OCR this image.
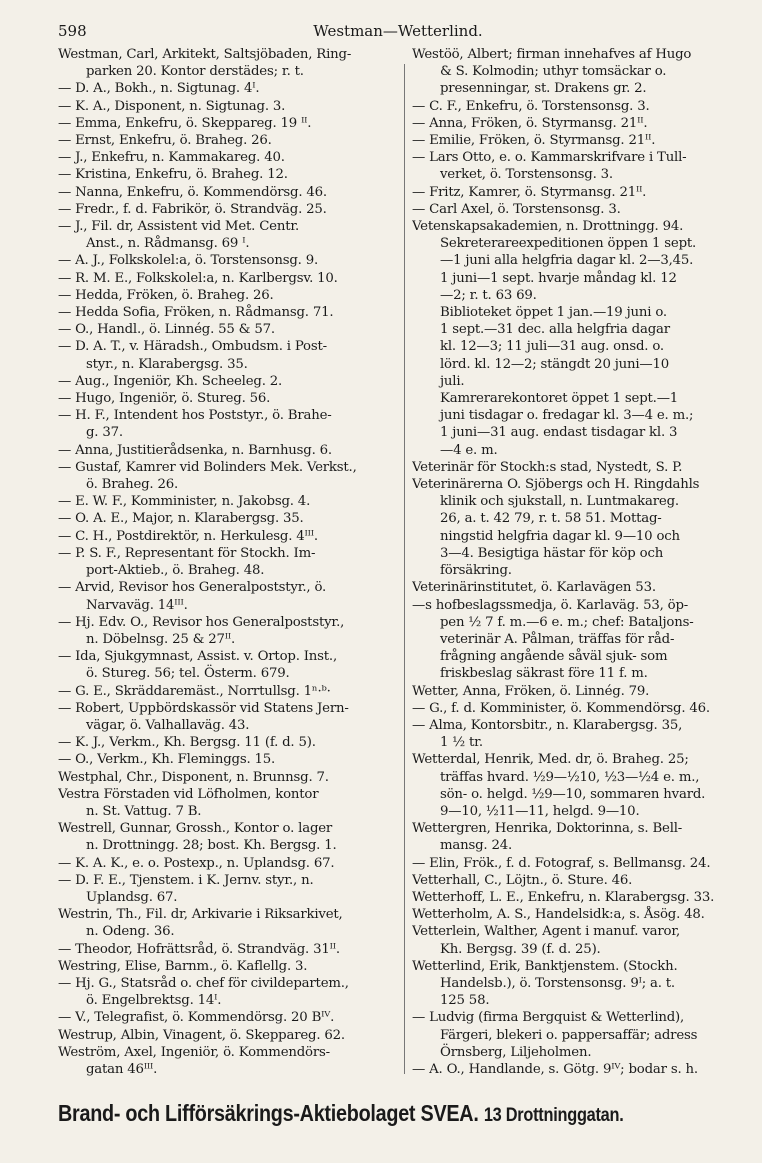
598	Westman—Wetterlind.
Westman, Carl, Arkitekt, Saltsjöbaden, Ring-
parken 20. Kontor derstädes; r. t.
— D. A., Bokh., n. Sigtunag. 4ᴵ.
— K. A., Disponent, n. Sigtunag. 3.
— Emma, Enkefru, ö. Skeppareg. 19 ᴵᴵ.
— Ernst, Enkefru, ö. Braheg. 26.
— J., Enkefru, n. Kammakareg. 40.
— Kristina, Enkefru, ö. Braheg. 12.
— Nanna, Enkefru, ö. Kommendörsg. 46.
— Fredr., f. d. Fabrikör, ö. Strandväg. 25.
— J., Fil. dr, Assistent vid Met. Centr.
Anst., n. Rådmansg. 69 ᴵ.
— A. J., Folkskolel:a, ö. Torstensonsg. 9.
— R. M. E., Folkskolel:a, n. Karlbergsv. 10.
— Hedda, Fröken, ö. Braheg. 26.
— Hedda Sofia, Fröken, n. Rådmansg. 71.
— O., Handl., ö. Linnég. 55 & 57.
— D. A. T., v. Häradsh., Ombudsm. i Post-
styr., n. Klarabergsg. 35.
— Aug., Ingeniör, Kh. Scheeleg. 2.
— Hugo, Ingeniör, ö. Stureg. 56.
— H. F., Intendent hos Poststyr., ö. Brahe-
g. 37.
— Anna, Justitierådsenka, n. Barnhusg. 6.
— Gustaf, Kamrer vid Bolinders Mek. Verkst.,
ö. Braheg. 26.
— E. W. F., Komminister, n. Jakobsg. 4.
— O. A. E., Major, n. Klarabergsg. 35.
— C. H., Postdirektör, n. Herkulesg. 4ᴵᴵᴵ.
— P. S. F., Representant för Stockh. Im-
port-Aktieb., ö. Braheg. 48.
— Arvid, Revisor hos Generalpoststyr., ö.
Narvaväg. 14ᴵᴵᴵ.
— Hj. Edv. O., Revisor hos Generalpoststyr.,
n. Döbelnsg. 25 & 27ᴵᴵ.
— Ida, Sjukgymnast, Assist. v. Ortop. Inst.,
ö. Stureg. 56; tel. Österm. 679.
— G. E., Skräddaremäst., Norrtullsg. 1ⁿ·ᵇ·
— Robert, Uppbördskassör vid Statens Jern-
vägar, ö. Valhallaväg. 43.
— K. J., Verkm., Kh. Bergsg. 11 (f. d. 5).
— O., Verkm., Kh. Fleminggs. 15.
Westphal, Chr., Disponent, n. Brunnsg. 7.
Vestra Förstaden vid Löfholmen, kontor
n. St. Vattug. 7 B.
Westrell, Gunnar, Grossh., Kontor o. lager
n. Drottningg. 28; bost. Kh. Bergsg. 1.
— K. A. K., e. o. Postexp., n. Uplandsg. 67.
— D. F. E., Tjenstem. i K. Jernv. styr., n.
Uplandsg. 67.
Westrin, Th., Fil. dr, Arkivarie i Riksarkivet,
n. Odeng. 36.
— Theodor, Hofrättsråd, ö. Strandväg. 31ᴵᴵ.
Westring, Elise, Barnm., ö. Kaflellg. 3.
— Hj. G., Statsråd o. chef för civildepartem.,
ö. Engelbrektsg. 14ᴵ.
— V., Telegrafist, ö. Kommendörsg. 20 Bᴵⱽ.
Westrup, Albin, Vinagent, ö. Skeppareg. 62.
Weström, Axel, Ingeniör, ö. Kommendörs-
gatan 46ᴵᴵᴵ.
Westöö, Albert; firman innehafves af Hugo
& S. Kolmodin; uthyr tomsäckar o.
presenningar, st. Drakens gr. 2.
— C. F., Enkefru, ö. Torstensonsg. 3.
— Anna, Fröken, ö. Styrmansg. 21ᴵᴵ.
— Emilie, Fröken, ö. Styrmansg. 21ᴵᴵ.
— Lars Otto, e. o. Kammarskrifvare i Tull-
verket, ö. Torstensonsg. 3.
— Fritz, Kamrer, ö. Styrmansg. 21ᴵᴵ.
— Carl Axel, ö. Torstensonsg. 3.
Vetenskapsakademien, n. Drottningg. 94.
Sekreterareexpeditionen öppen 1 sept.
—1 juni alla helgfria dagar kl. 2—3,45.
1 juni—1 sept. hvarje måndag kl. 12
—2; r. t. 63 69.
Biblioteket öppet 1 jan.—19 juni o.
1 sept.—31 dec. alla helgfria dagar
kl. 12—3; 11 juli—31 aug. onsd. o.
lörd. kl. 12—2; stängdt 20 juni—10
juli.
Kamrerarekontoret öppet 1 sept.—1
juni tisdagar o. fredagar kl. 3—4 e. m.;
1 juni—31 aug. endast tisdagar kl. 3
—4 e. m.
Veterinär för Stockh:s stad, Nystedt, S. P.
Veterinärerna O. Sjöbergs och H. Ringdahls
klinik och sjukstall, n. Luntmakareg.
26, a. t. 42 79, r. t. 58 51. Mottag-
ningstid helgfria dagar kl. 9—10 och
3—4. Besigtiga hästar för köp och
försäkring.
Veterinärinstitutet, ö. Karlavägen 53.
—s hofbeslagssmedja, ö. Karlaväg. 53, öp-
pen ½ 7 f. m.—6 e. m.; chef: Bataljons-
veterinär A. Pålman, träffas för råd-
frågning angående såväl sjuk- som
friskbeslag säkrast före 11 f. m.
Wetter, Anna, Fröken, ö. Linnég. 79.
— G., f. d. Komminister, ö. Kommendörsg. 46.
— Alma, Kontorsbitr., n. Klarabergsg. 35,
1 ½ tr.
Wetterdal, Henrik, Med. dr, ö. Braheg. 25;
träffas hvard. ½9—½10, ½3—½4 e. m.,
sön- o. helgd. ½9—10, sommaren hvard.
9—10, ½11—11, helgd. 9—10.
Wettergren, Henrika, Doktorinna, s. Bell-
mansg. 24.
— Elin, Frök., f. d. Fotograf, s. Bellmansg. 24.
Vetterhall, C., Löjtn., ö. Sture. 46.
Wetterhoff, L. E., Enkefru, n. Klarabergsg. 33.
Wetterholm, A. S., Handelsidk:a, s. Åsög. 48.
Vetterlein, Walther, Agent i manuf. varor,
Kh. Bergsg. 39 (f. d. 25).
Wetterlind, Erik, Banktjenstem. (Stockh.
Handelsb.), ö. Torstensonsg. 9ᴵ; a. t.
125 58.
— Ludvig (firma Bergquist & Wetterlind),
Färgeri, blekeri o. pappersaffär; adress
Örnsberg, Liljeholmen.
— A. O., Handlande, s. Götg. 9ᴵⱽ; bodar s. h.
Brand- och Lifförsäkrings-Aktiebolaget SVEA. 13 Drottninggatan.
